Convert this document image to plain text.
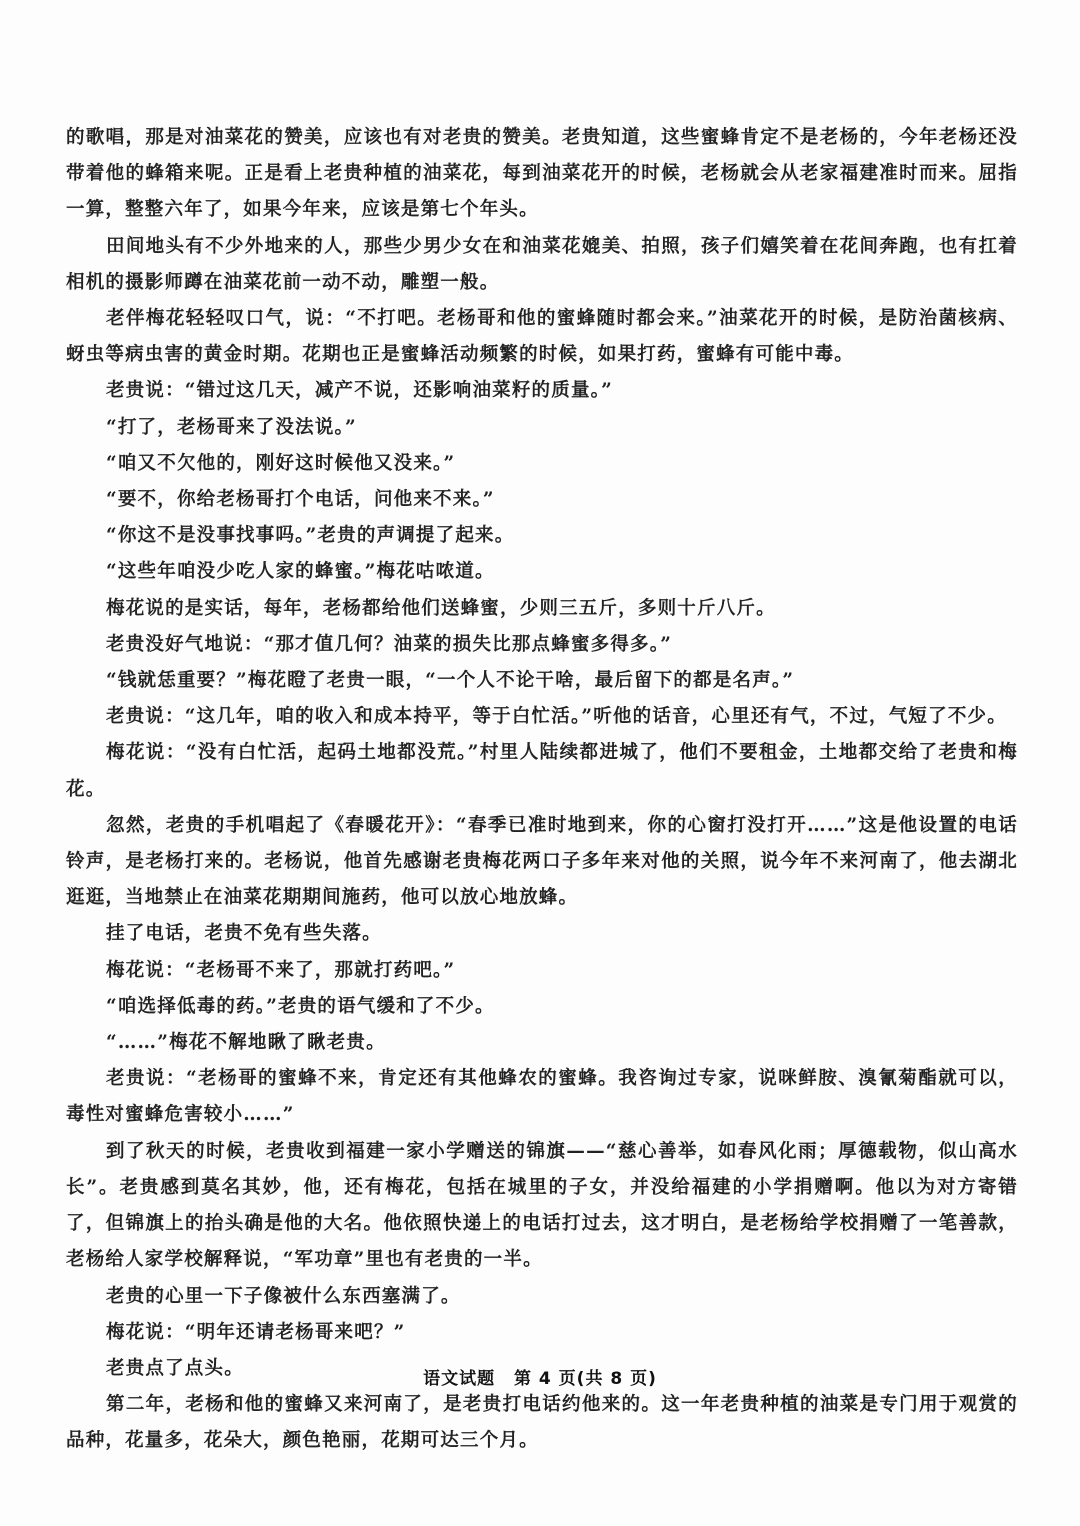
的歌唱，那是对油菜花的赞美，应该也有对老贵的赞美。老贵知道，这些蜜蜂肯定不是老杨的，今年老杨还没带着他的蜂箱来呢。正是看上老贵种植的油菜花，每到油菜花开的时候，老杨就会从老家福建准时而来。屈指一算，整整六年了，如果今年来，应该是第七个年头。

田间地头有不少外地来的人，那些少男少女在和油菜花媲美、拍照，孩子们嬉笑着在花间奔跑，也有扛着相机的摄影师蹲在油菜花前一动不动，雕塑一般。

老伴梅花轻轻叹口气，说：“不打吧。老杨哥和他的蜜蜂随时都会来。”油菜花开的时候，是防治菌核病、蚜虫等病虫害的黄金时期。花期也正是蜜蜂活动频繁的时候，如果打药，蜜蜂有可能中毒。

老贵说：“错过这几天，减产不说，还影响油菜籽的质量。”

“打了，老杨哥来了没法说。”

“咱又不欠他的，刚好这时候他又没来。”

“要不，你给老杨哥打个电话，问他来不来。”

“你这不是没事找事吗。”老贵的声调提了起来。

“这些年咱没少吃人家的蜂蜜。”梅花咕哝道。

梅花说的是实话，每年，老杨都给他们送蜂蜜，少则三五斤，多则十斤八斤。

老贵没好气地说：“那才值几何？油菜的损失比那点蜂蜜多得多。”

“钱就恁重要？”梅花瞪了老贵一眼，“一个人不论干啥，最后留下的都是名声。”

老贵说：“这几年，咱的收入和成本持平，等于白忙活。”听他的话音，心里还有气，不过，气短了不少。

梅花说：“没有白忙活，起码土地都没荒。”村里人陆续都进城了，他们不要租金，土地都交给了老贵和梅花。

忽然，老贵的手机唱起了《春暖花开》：“春季已准时地到来，你的心窗打没打开……”这是他设置的电话铃声，是老杨打来的。老杨说，他首先感谢老贵梅花两口子多年来对他的关照，说今年不来河南了，他去湖北逛逛，当地禁止在油菜花期期间施药，他可以放心地放蜂。

挂了电话，老贵不免有些失落。

梅花说：“老杨哥不来了，那就打药吧。”

“咱选择低毒的药。”老贵的语气缓和了不少。

“……”梅花不解地瞅了瞅老贵。

老贵说：“老杨哥的蜜蜂不来，肯定还有其他蜂农的蜜蜂。我咨询过专家，说咪鲜胺、溴氰菊酯就可以，毒性对蜜蜂危害较小……”

到了秋天的时候，老贵收到福建一家小学赠送的锦旗——“慈心善举，如春风化雨；厚德载物，似山高水长”。老贵感到莫名其妙，他，还有梅花，包括在城里的子女，并没给福建的小学捐赠啊。他以为对方寄错了，但锦旗上的抬头确是他的大名。他依照快递上的电话打过去，这才明白，是老杨给学校捐赠了一笔善款，老杨给人家学校解释说，“军功章”里也有老贵的一半。

老贵的心里一下子像被什么东西塞满了。

梅花说：“明年还请老杨哥来吧？”

老贵点了点头。

第二年，老杨和他的蜜蜂又来河南了，是老贵打电话约他来的。这一年老贵种植的油菜是专门用于观赏的品种，花量多，花朵大，颜色艳丽，花期可达三个月。

语文试题 第 4 页(共 8 页)
